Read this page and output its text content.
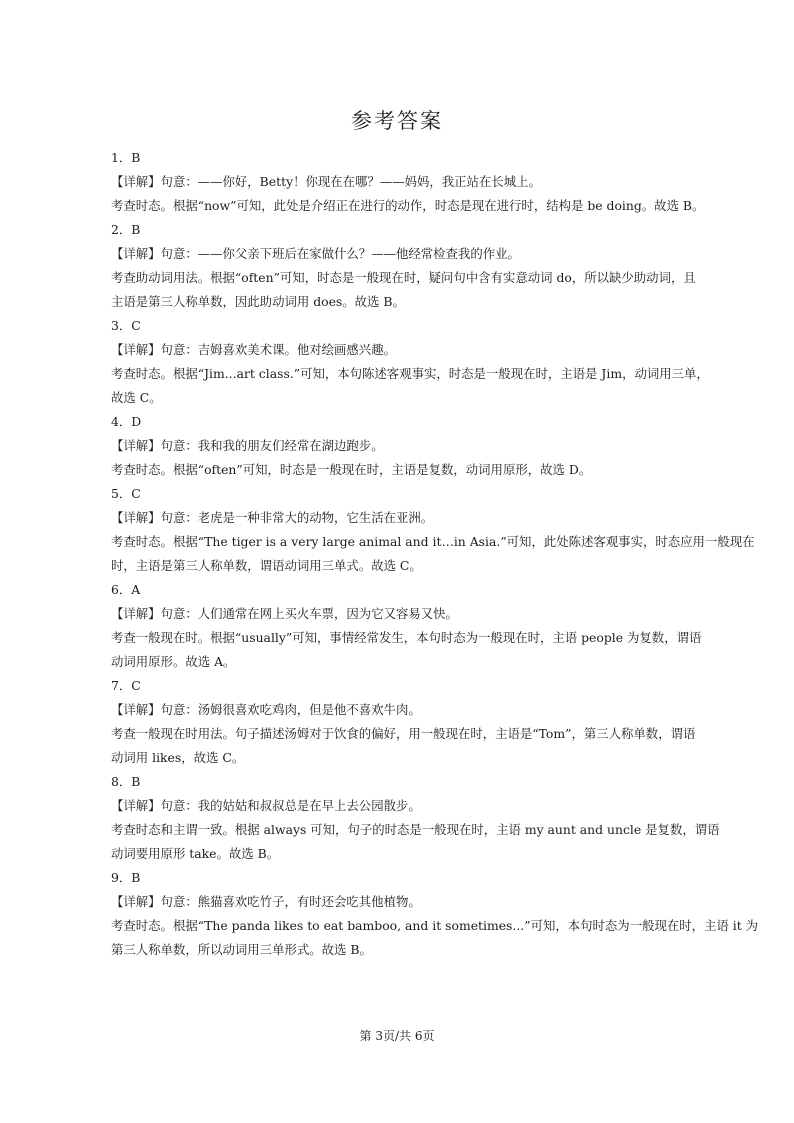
参考答案
1．B
【详解】句意：——你好，Betty！你现在在哪？——妈妈，我正站在长城上。
考查时态。根据“now”可知，此处是介绍正在进行的动作，时态是现在进行时，结构是 be doing。故选 B。
2．B
【详解】句意：——你父亲下班后在家做什么？——他经常检查我的作业。
考查助动词用法。根据“often”可知，时态是一般现在时，疑问句中含有实意动词 do，所以缺少助动词，且
主语是第三人称单数，因此助动词用 does。故选 B。
3．C
【详解】句意：吉姆喜欢美术课。他对绘画感兴趣。
考查时态。根据“Jim...art class.”可知，本句陈述客观事实，时态是一般现在时，主语是 Jim，动词用三单，
故选 C。
4．D
【详解】句意：我和我的朋友们经常在湖边跑步。
考查时态。根据“often”可知，时态是一般现在时，主语是复数，动词用原形，故选 D。
5．C
【详解】句意：老虎是一种非常大的动物，它生活在亚洲。
考查时态。根据“The tiger is a very large animal and it…in Asia.”可知，此处陈述客观事实，时态应用一般现在
时，主语是第三人称单数，谓语动词用三单式。故选 C。
6．A
【详解】句意：人们通常在网上买火车票，因为它又容易又快。
考查一般现在时。根据“usually”可知，事情经常发生，本句时态为一般现在时，主语 people 为复数，谓语
动词用原形。故选 A。
7．C
【详解】句意：汤姆很喜欢吃鸡肉，但是他不喜欢牛肉。
考查一般现在时用法。句子描述汤姆对于饮食的偏好，用一般现在时，主语是“Tom”，第三人称单数，谓语
动词用 likes，故选 C。
8．B
【详解】句意：我的姑姑和叔叔总是在早上去公园散步。
考查时态和主谓一致。根据 always 可知，句子的时态是一般现在时，主语 my aunt and uncle 是复数，谓语
动词要用原形 take。故选 B。
9．B
【详解】句意：熊猫喜欢吃竹子，有时还会吃其他植物。
考查时态。根据“The panda likes to eat bamboo, and it sometimes...”可知，本句时态为一般现在时，主语 it 为
第三人称单数，所以动词用三单形式。故选 B。
第 3页/共 6页
